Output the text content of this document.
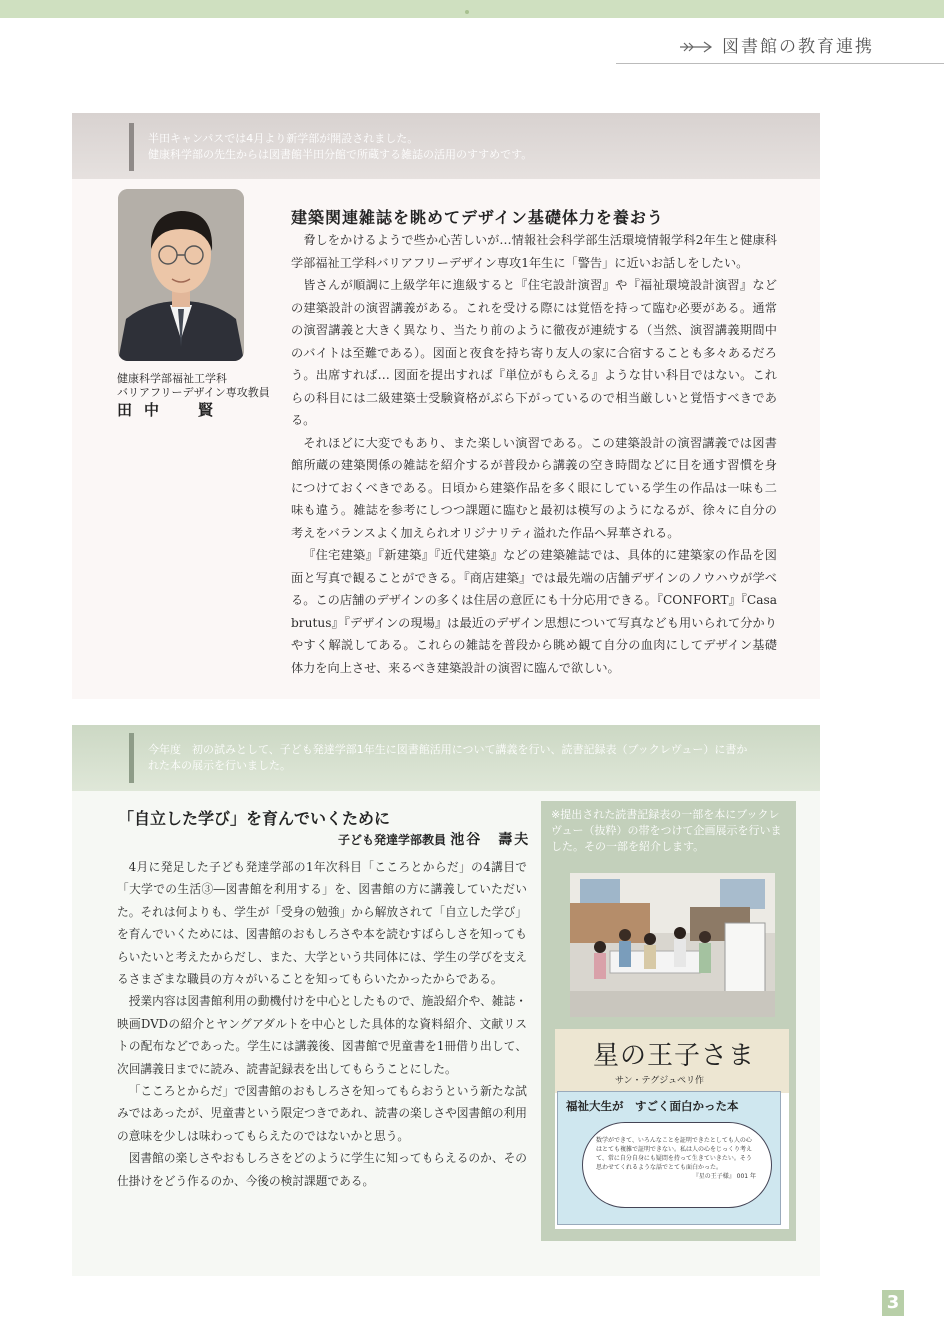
図書館の教育連携
半田キャンパスでは4月より新学部が開設されました。
健康科学部の先生からは図書館半田分館で所蔵する雑誌の活用のすすめです。
健康科学部福祉工学科
バリアフリーデザイン専攻教員
田中　賢
建築関連雑誌を眺めてデザイン基礎体力を養おう

脅しをかけるようで些か心苦しいが…情報社会科学部生活環境情報学科2年生と健康科学部福祉工学科バリアフリーデザイン専攻1年生に「警告」に近いお話しをしたい。

皆さんが順調に上級学年に進級すると『住宅設計演習』や『福祉環境設計演習』などの建築設計の演習講義がある。これを受ける際には覚悟を持って臨む必要がある。通常の演習講義と大きく異なり、当たり前のように徹夜が連続する（当然、演習講義期間中のバイトは至難である）。図面と夜食を持ち寄り友人の家に合宿することも多々あるだろう。出席すれば… 図面を提出すれば『単位がもらえる』ような甘い科目ではない。これらの科目には二級建築士受験資格がぶら下がっているので相当厳しいと覚悟すべきである。

それほどに大変でもあり、また楽しい演習である。この建築設計の演習講義では図書館所蔵の建築関係の雑誌を紹介するが普段から講義の空き時間などに目を通す習慣を身につけておくべきである。日頃から建築作品を多く眼にしている学生の作品は一味も二味も違う。雑誌を参考にしつつ課題に臨むと最初は模写のようになるが、徐々に自分の考えをバランスよく加えられオリジナリティ溢れた作品へ昇華される。

『住宅建築』『新建築』『近代建築』などの建築雑誌では、具体的に建築家の作品を図面と写真で観ることができる。『商店建築』では最先端の店舗デザインのノウハウが学べる。この店舗のデザインの多くは住居の意匠にも十分応用できる。『CONFORT』『Casa brutus』『デザインの現場』は最近のデザイン思想について写真なども用いられて分かりやすく解説してある。これらの雑誌を普段から眺め観て自分の血肉にしてデザイン基礎体力を向上させ、来るべき建築設計の演習に臨んで欲しい。

今年度　初の試みとして、子ども発達学部1年生に図書館活用について講義を行い、読書記録表（ブックレヴュー）に書か
れた本の展示を行いました。
「自立した学び」を育んでいくために
子ども発達学部教員 池谷　壽夫

4月に発足した子ども発達学部の1年次科目「こころとからだ」の4講目で「大学での生活③―図書館を利用する」を、図書館の方に講義していただいた。それは何よりも、学生が「受身の勉強」から解放されて「自立した学び」を育んでいくためには、図書館のおもしろさや本を読むすばらしさを知ってもらいたいと考えたからだし、また、大学という共同体には、学生の学びを支えるさまざまな職員の方々がいることを知ってもらいたかったからである。

授業内容は図書館利用の動機付けを中心としたもので、施設紹介や、雑誌・映画DVDの紹介とヤングアダルトを中心とした具体的な資料紹介、文献リストの配布などであった。学生には講義後、図書館で児童書を1冊借り出して、次回講義日までに読み、読書記録表を出してもらうことにした。

「こころとからだ」で図書館のおもしろさを知ってもらおうという新たな試みではあったが、児童書という限定つきであれ、読書の楽しさや図書館の利用の意味を少しは味わってもらえたのではないかと思う。

図書館の楽しさやおもしろさをどのように学生に知ってもらえるのか、その仕掛けをどう作るのか、今後の検討課題である。

※提出された読書記録表の一部を本にブックレヴュー（抜粋）の帯をつけて企画展示を行いました。その一部を紹介します。
星の王子さま
サン・テグジュペリ作
福祉大生が　すごく面白かった本
数学ができて、いろんなことを証明できたとしても人の心はとても複雑で証明できない。私は人の心をじっくり考えて、常に自分自身にも疑問を持って生きていきたい。そう思わせてくれるような話でとても面白かった。
『星の王子様』 001 年
3
